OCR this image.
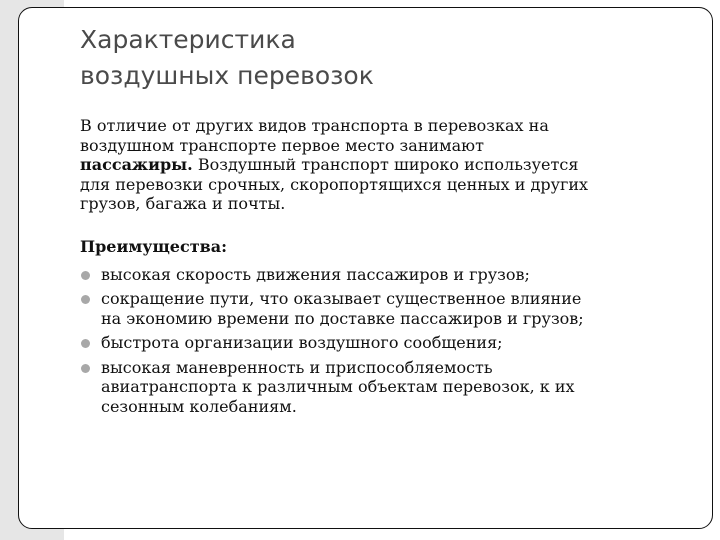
Характеристика
воздушных перевозок

В отличие от других видов транспорта в перевозках на
воздушном транспорте первое место занимают
пассажиры. Воздушный транспорт широко используется
для перевозки срочных, скоропортящихся ценных и других
грузов, багажа и почты.

Преимущества:
высокая скорость движения пассажиров и грузов;
сокращение пути, что оказывает существенное влияние
на экономию времени по доставке пассажиров и грузов;
быстрота организации воздушного сообщения;
высокая маневренность и приспособляемость
авиатранспорта к различным объектам перевозок, к их
сезонным колебаниям.
